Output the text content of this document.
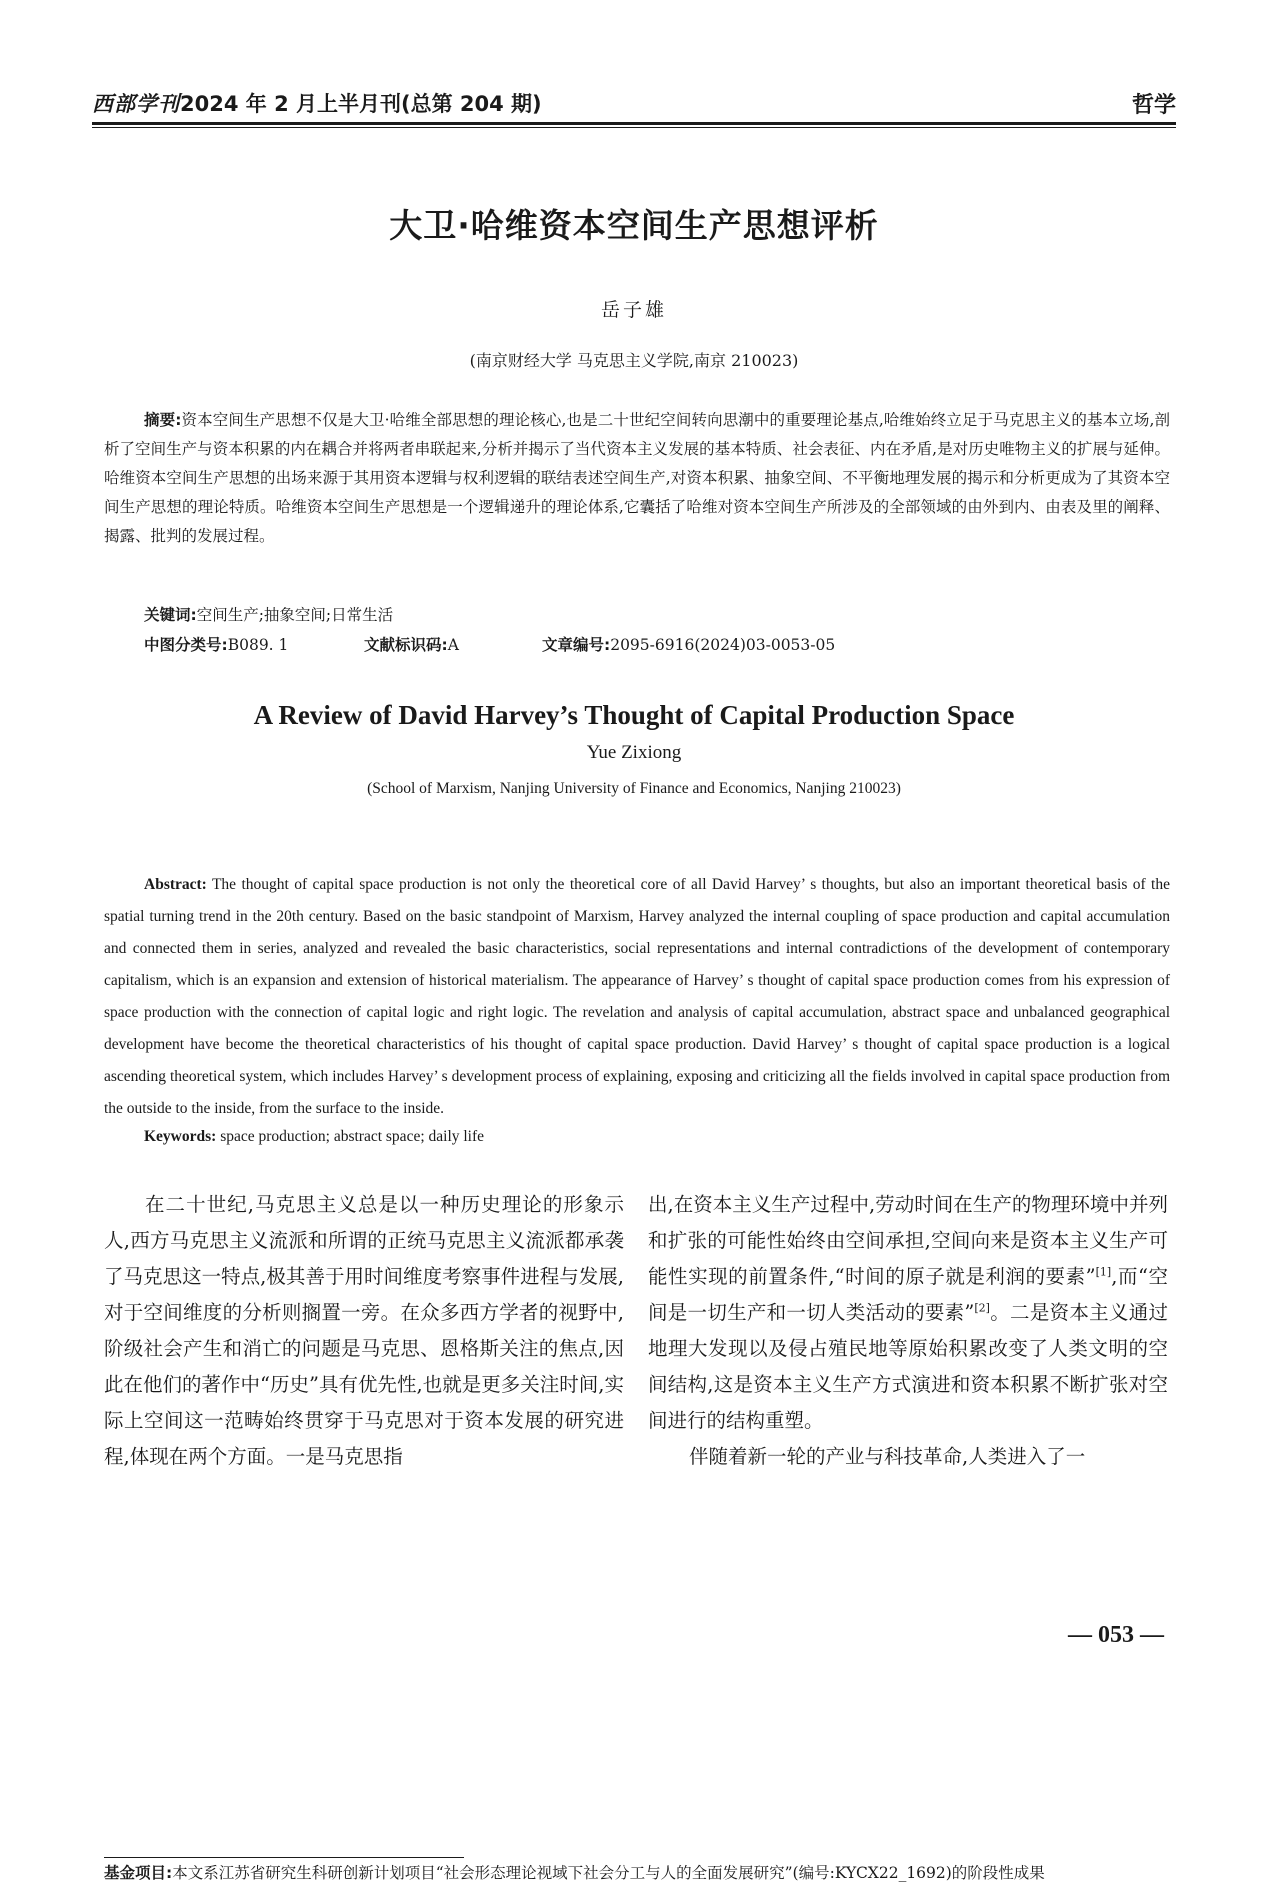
西部学刊2024 年 2 月上半月刊(总第 204 期)	哲学
大卫·哈维资本空间生产思想评析
岳子雄
(南京财经大学 马克思主义学院,南京 210023)
摘要:资本空间生产思想不仅是大卫·哈维全部思想的理论核心,也是二十世纪空间转向思潮中的重要理论基点,哈维始终立足于马克思主义的基本立场,剖析了空间生产与资本积累的内在耦合并将两者串联起来,分析并揭示了当代资本主义发展的基本特质、社会表征、内在矛盾,是对历史唯物主义的扩展与延伸。哈维资本空间生产思想的出场来源于其用资本逻辑与权利逻辑的联结表述空间生产,对资本积累、抽象空间、不平衡地理发展的揭示和分析更成为了其资本空间生产思想的理论特质。哈维资本空间生产思想是一个逻辑递升的理论体系,它囊括了哈维对资本空间生产所涉及的全部领域的由外到内、由表及里的阐释、揭露、批判的发展过程。
关键词:空间生产;抽象空间;日常生活
中图分类号:B089. 1	文献标识码:A	文章编号:2095-6916(2024)03-0053-05
A Review of David Harvey’s Thought of Capital Production Space
Yue Zixiong
(School of Marxism, Nanjing University of Finance and Economics, Nanjing 210023)
Abstract: The thought of capital space production is not only the theoretical core of all David Harvey’ s thoughts, but also an important theoretical basis of the spatial turning trend in the 20th century. Based on the basic standpoint of Marxism, Harvey analyzed the internal coupling of space production and capital accumulation and connected them in series, analyzed and revealed the basic characteristics, social representations and internal contradictions of the development of contemporary capitalism, which is an expansion and extension of historical materialism. The appearance of Harvey’ s thought of capital space production comes from his expression of space production with the connection of capital logic and right logic. The revelation and analysis of capital accumulation, abstract space and unbalanced geographical development have become the theoretical characteristics of his thought of capital space production. David Harvey’ s thought of capital space production is a logical ascending theoretical system, which includes Harvey’ s development process of explaining, exposing and criticizing all the fields involved in capital space production from the outside to the inside, from the surface to the inside.
Keywords: space production; abstract space; daily life

在二十世纪,马克思主义总是以一种历史理论的形象示人,西方马克思主义流派和所谓的正统马克思主义流派都承袭了马克思这一特点,极其善于用时间维度考察事件进程与发展,对于空间维度的分析则搁置一旁。在众多西方学者的视野中,阶级社会产生和消亡的问题是马克思、恩格斯关注的焦点,因此在他们的著作中“历史”具有优先性,也就是更多关注时间,实际上空间这一范畴始终贯穿于马克思对于资本发展的研究进程,体现在两个方面。一是马克思指

出,在资本主义生产过程中,劳动时间在生产的物理环境中并列和扩张的可能性始终由空间承担,空间向来是资本主义生产可能性实现的前置条件,“时间的原子就是利润的要素”[1],而“空间是一切生产和一切人类活动的要素”[2]。二是资本主义通过地理大发现以及侵占殖民地等原始积累改变了人类文明的空间结构,这是资本主义生产方式演进和资本积累不断扩张对空间进行的结构重塑。

伴随着新一轮的产业与科技革命,人类进入了一

基金项目:本文系江苏省研究生科研创新计划项目“社会形态理论视域下社会分工与人的全面发展研究”(编号:KYCX22_1692)的阶段性成果
— 053 —
